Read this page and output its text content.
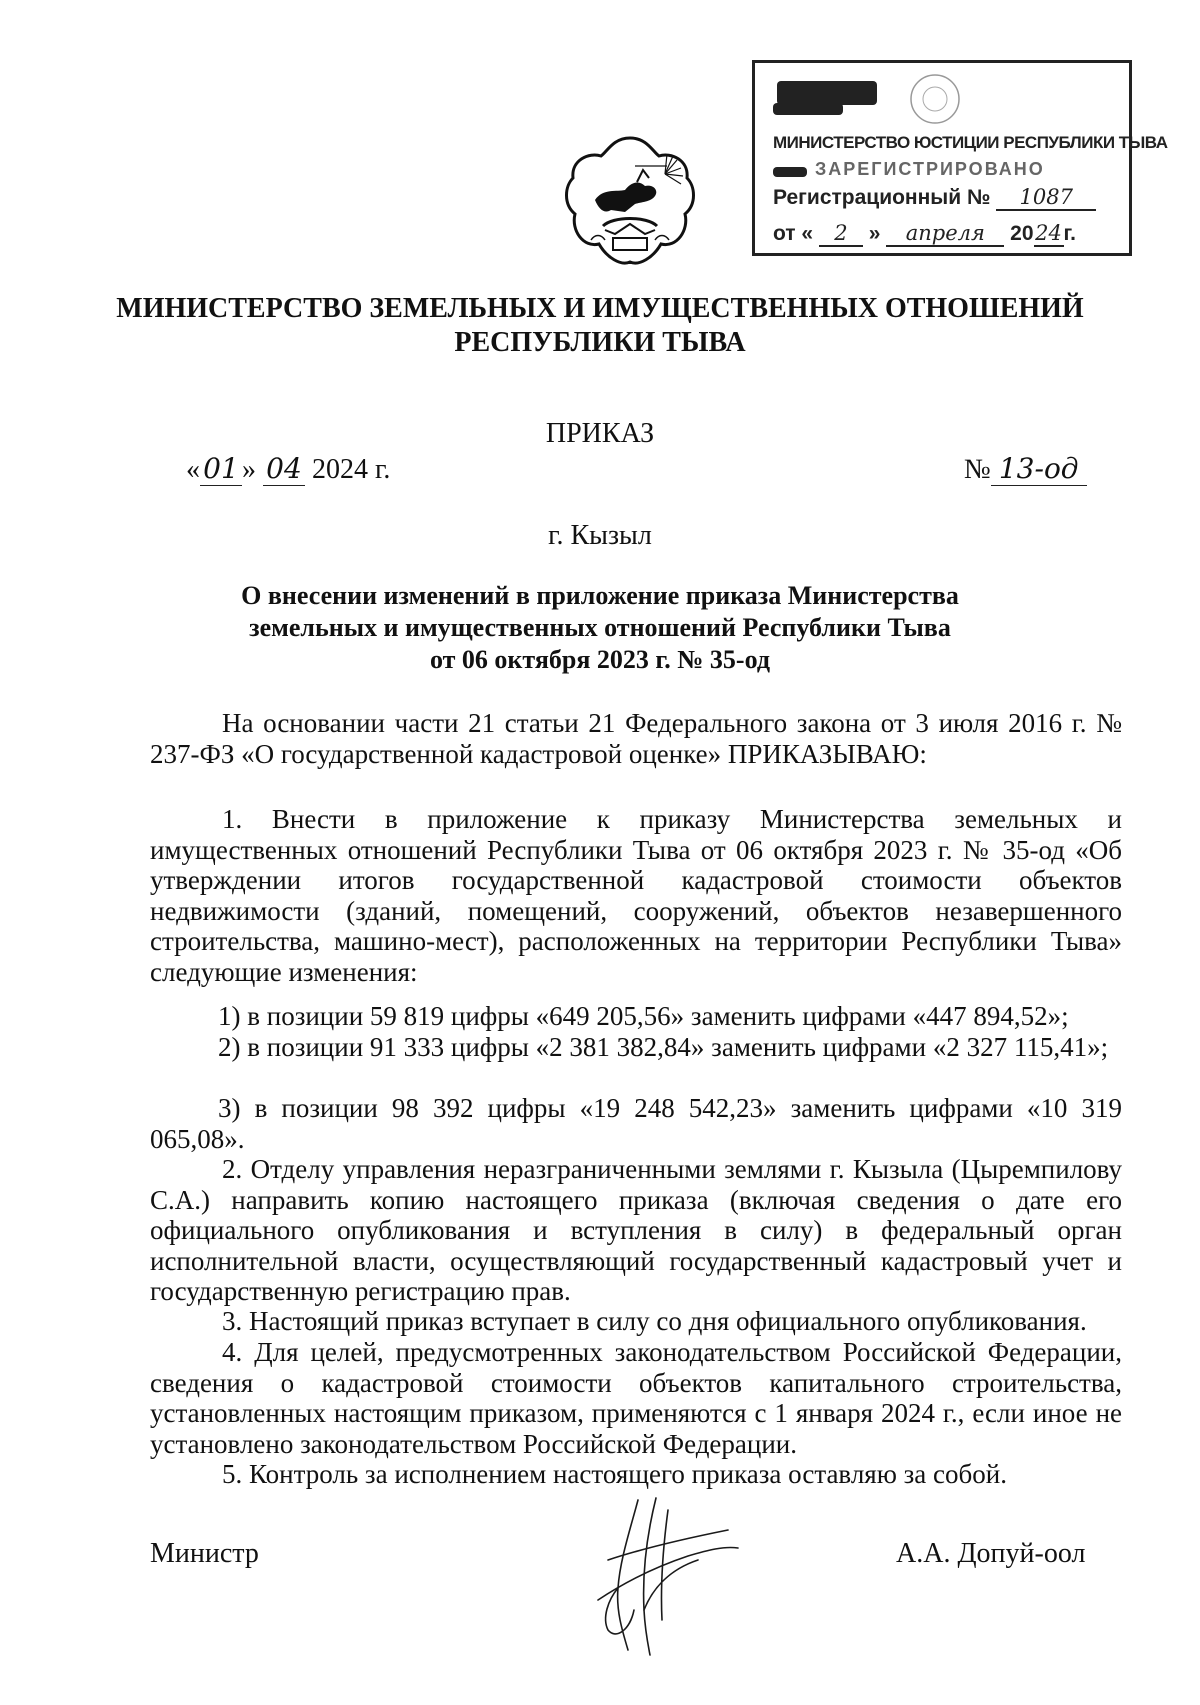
МИНИСТЕРСТВО ЮСТИЦИИ РЕСПУБЛИКИ ТЫВА
ЗАРЕГИСТРИРОВАНО
Регистрационный № 1087
от « 2 » апреля 2024г.
МИНИСТЕРСТВО ЗЕМЕЛЬНЫХ И ИМУЩЕСТВЕННЫХ ОТНОШЕНИЙ
РЕСПУБЛИКИ ТЫВА
ПРИКАЗ
« 01 » 04 2024 г.	№ 13-од
г. Кызыл
О внесении изменений в приложение приказа Министерства
земельных и имущественных отношений Республики Тыва
от 06 октября 2023 г. № 35-од

На основании части 21 статьи 21 Федерального закона от 3 июля 2016 г. № 237-ФЗ «О государственной кадастровой оценке» ПРИКАЗЫВАЮ:

1. Внести в приложение к приказу Министерства земельных и имущественных отношений Республики Тыва от 06 октября 2023 г. № 35-од «Об утверждении итогов государственной кадастровой стоимости объектов недвижимости (зданий, помещений, сооружений, объектов незавершенного строительства, машино-мест), расположенных на территории Республики Тыва» следующие изменения:

1) в позиции 59 819 цифры «649 205,56» заменить цифрами «447 894,52»;

2) в позиции 91 333 цифры «2 381 382,84» заменить цифрами «2 327 115,41»;

3) в позиции 98 392 цифры «19 248 542,23» заменить цифрами «10 319 065,08».

2. Отделу управления неразграниченными землями г. Кызыла (Цыремпилову С.А.) направить копию настоящего приказа (включая сведения о дате его официального опубликования и вступления в силу) в федеральный орган исполнительной власти, осуществляющий государственный кадастровый учет и государственную регистрацию прав.

3. Настоящий приказ вступает в силу со дня официального опубликования.

4. Для целей, предусмотренных законодательством Российской Федерации, сведения о кадастровой стоимости объектов капитального строительства, установленных настоящим приказом, применяются с 1 января 2024 г., если иное не установлено законодательством Российской Федерации.

5. Контроль за исполнением настоящего приказа оставляю за собой.

Министр	А.А. Допуй-оол
